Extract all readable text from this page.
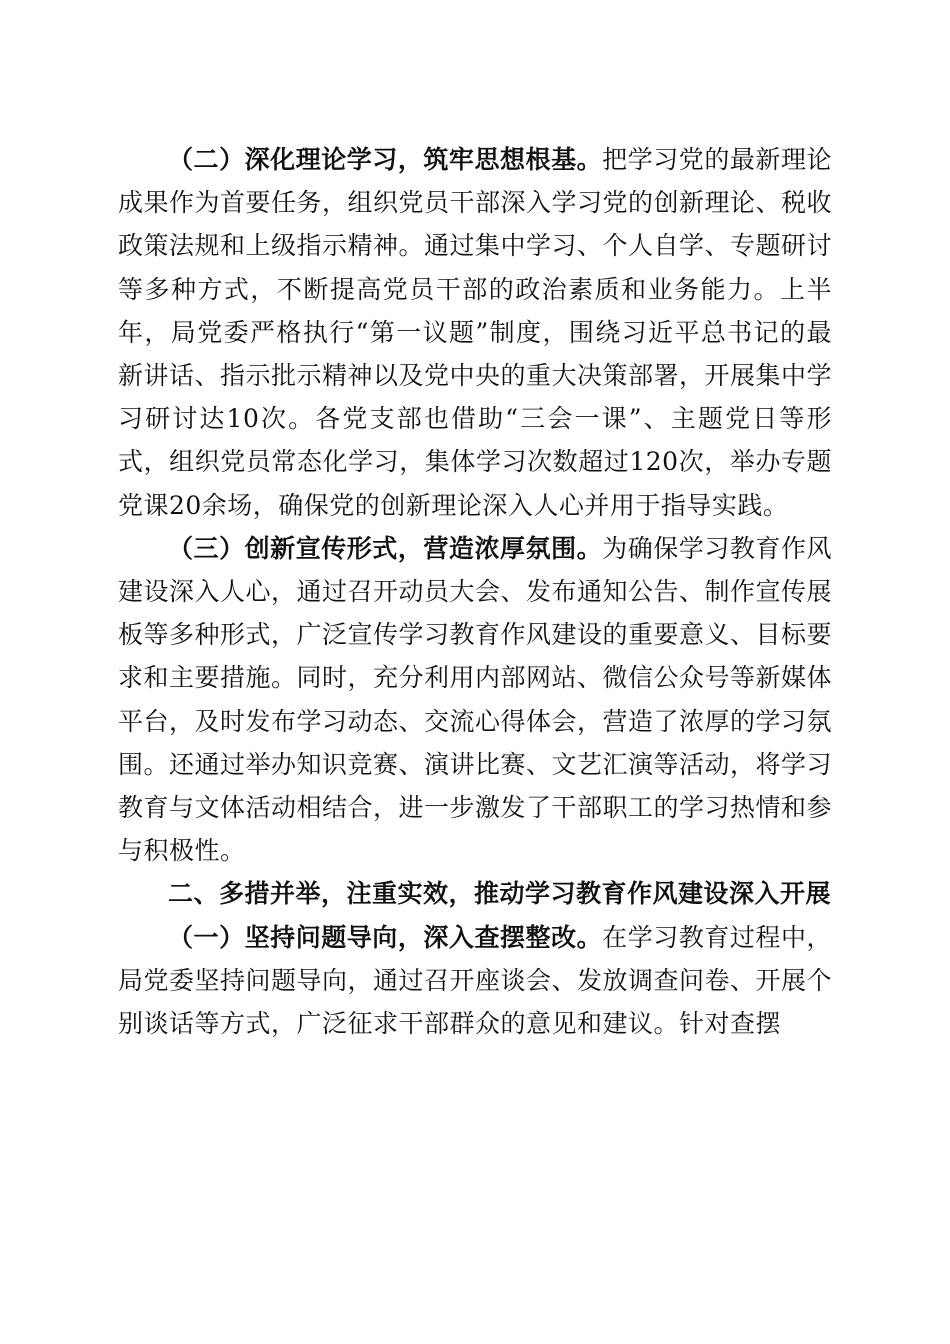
（二）深化理论学习，筑牢思想根基。把学习党的最新理论成果作为首要任务，组织党员干部深入学习党的创新理论、税收政策法规和上级指示精神。通过集中学习、个人自学、专题研讨等多种方式，不断提高党员干部的政治素质和业务能力。上半年，局党委严格执行“第一议题”制度，围绕习近平总书记的最新讲话、指示批示精神以及党中央的重大决策部署，开展集中学习研讨达10次。各党支部也借助“三会一课”、主题党日等形式，组织党员常态化学习，集体学习次数超过120次，举办专题党课20余场，确保党的创新理论深入人心并用于指导实践。

（三）创新宣传形式，营造浓厚氛围。为确保学习教育作风建设深入人心，通过召开动员大会、发布通知公告、制作宣传展板等多种形式，广泛宣传学习教育作风建设的重要意义、目标要求和主要措施。同时，充分利用内部网站、微信公众号等新媒体平台，及时发布学习动态、交流心得体会，营造了浓厚的学习氛围。还通过举办知识竞赛、演讲比赛、文艺汇演等活动，将学习教育与文体活动相结合，进一步激发了干部职工的学习热情和参与积极性。

二、多措并举，注重实效，推动学习教育作风建设深入开展

（一）坚持问题导向，深入查摆整改。在学习教育过程中，局党委坚持问题导向，通过召开座谈会、发放调查问卷、开展个别谈话等方式，广泛征求干部群众的意见和建议。针对查摆
